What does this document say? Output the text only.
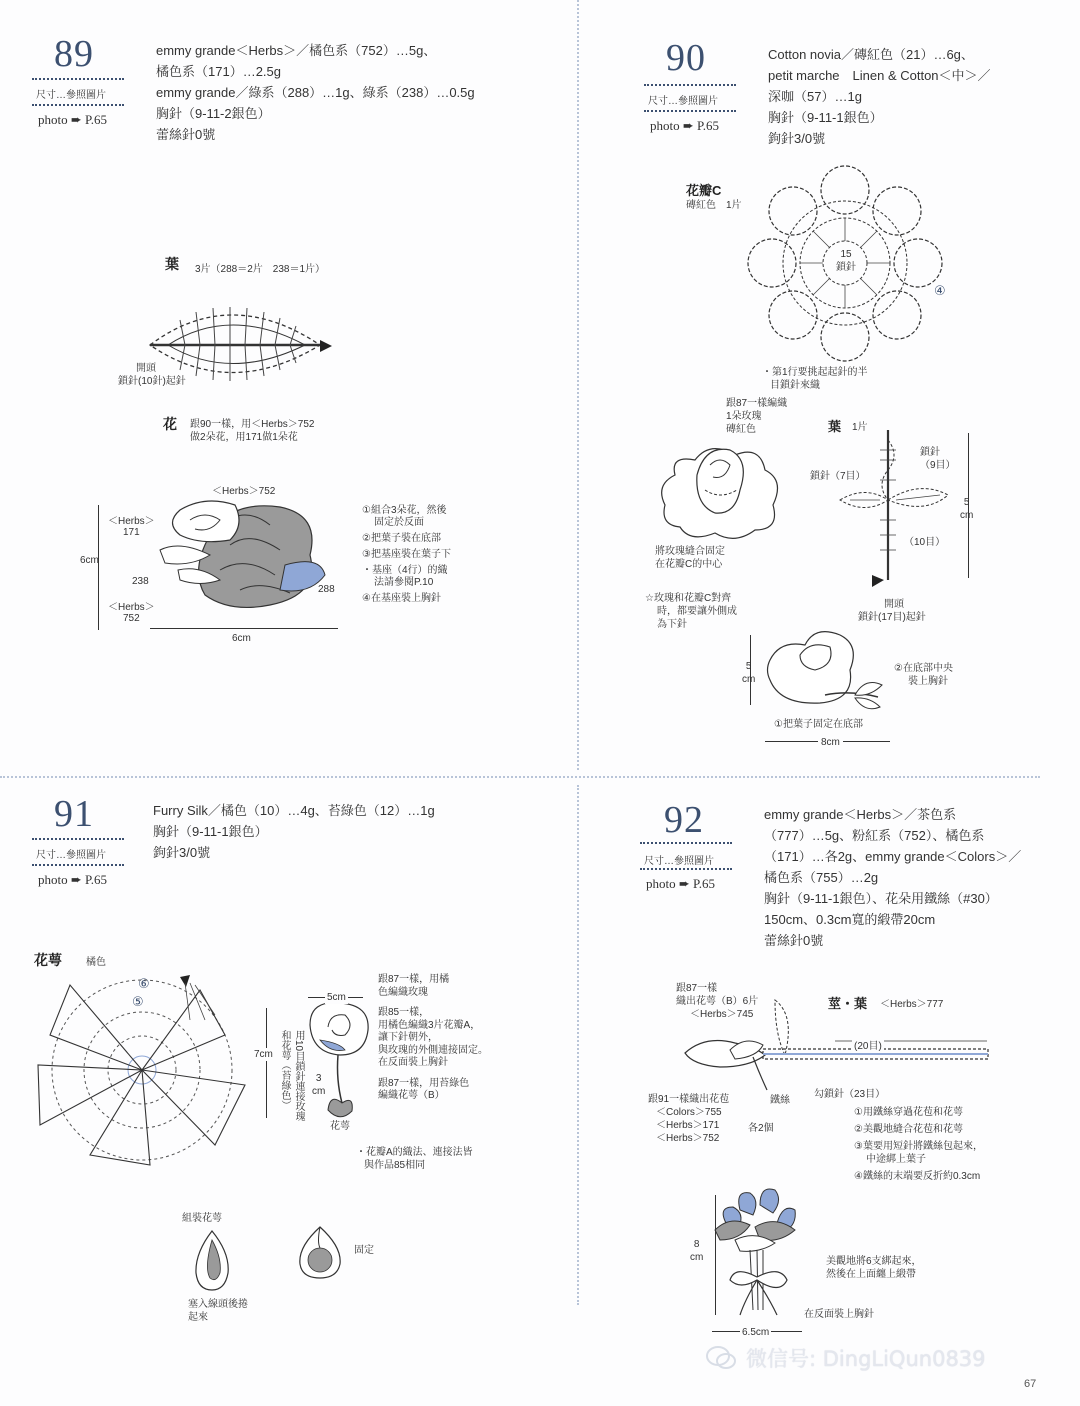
89
尺寸…參照圖片
photo ➨ P.65
emmy grande＜Herbs＞／橘色系（752）…5g、
橘色系（171）…2.5g
emmy grande／綠系（288）…1g、綠系（238）…0.5g
胸針（9-11-2銀色）
蕾絲針0號
葉 3片（288＝2片　238＝1片）
開頭
鎖針(10針)起針
花 跟90一樣，用＜Herbs＞752
做2朵花，用171做1朵花
＜Herbs＞752
＜Herbs＞
171
6cm
238
288
＜Herbs＞
752
6cm
①組合3朵花，然後
固定於反面
②把葉子裝在底部
③把基座裝在葉子下
・基座（4行）的織
法請參閱P.10
④在基座裝上胸針
90
尺寸…參照圖片
photo ➨ P.65
Cotton novia／磚紅色（21）…6g、
petit marche　Linen & Cotton＜中＞／
深咖（57）…1g
胸針（9-11-1銀色）
鉤針3/0號
花瓣C
磚紅色　1片
15
鎖針
④
・第1行要挑起起針的半
目鎖針來織
跟87一樣編織
1朵玫瑰
磚紅色
將玫瑰縫合固定
在花瓣C的中心
☆玫瑰和花瓣C對齊
時，都要讓外側成
為下針
葉 1片
鎖針
（9目）
鎖針（7目）
（10目）
5
cm
開頭
鎖針(17目)起針
5
cm
②在底部中央
裝上胸針
①把葉子固定在底部
8cm
91
尺寸…參照圖片
photo ➨ P.65
Furry Silk／橘色（10）…4g、苔綠色（12）…1g
胸針（9-11-1銀色）
鉤針3/0號
花萼 橘色
⑥
⑤	5cm
7cm 和花萼（苔綠色） 用10目鎖針連接玫瑰	3
cm
花萼
跟87一樣，用橘
色編織玫瑰
跟85一樣，
用橘色編織3片花瓣A，
讓下針朝外，
與玫瑰的外側連接固定。
在反面裝上胸針
跟87一樣，用苔綠色
編織花萼（B）
・花瓣A的織法、連接法皆
與作品85相同
組裝花萼
塞入線頭後捲
起來
固定
92
尺寸…參照圖片
photo ➨ P.65
emmy grande＜Herbs＞／茶色系
（777）…5g、粉紅系（752）、橘色系
（171）…各2g、emmy grande＜Colors＞／
橘色系（755）…2g
胸針（9-11-1銀色）、花朵用鐵絲（#30）
150cm、0.3cm寬的緞帶20cm
蕾絲針0號
跟87一樣
織出花萼（B）6片
＜Herbs＞745
莖・葉 ＜Herbs＞777
(20目)
跟91一樣織出花苞
＜Colors＞755
＜Herbs＞171
＜Herbs＞752
各2個
鐵絲
勾鎖針（23目）
①用鐵絲穿過花苞和花萼
②美觀地縫合花苞和花萼
③葉要用短針將鐵絲包起來，
中途綁上葉子
④鐵絲的末端要反折約0.3cm
8
cm	美觀地將6支綁起來，
然後在上面纏上緞帶
在反面裝上胸針
6.5cm
微信号: DingLiQun0839
67
